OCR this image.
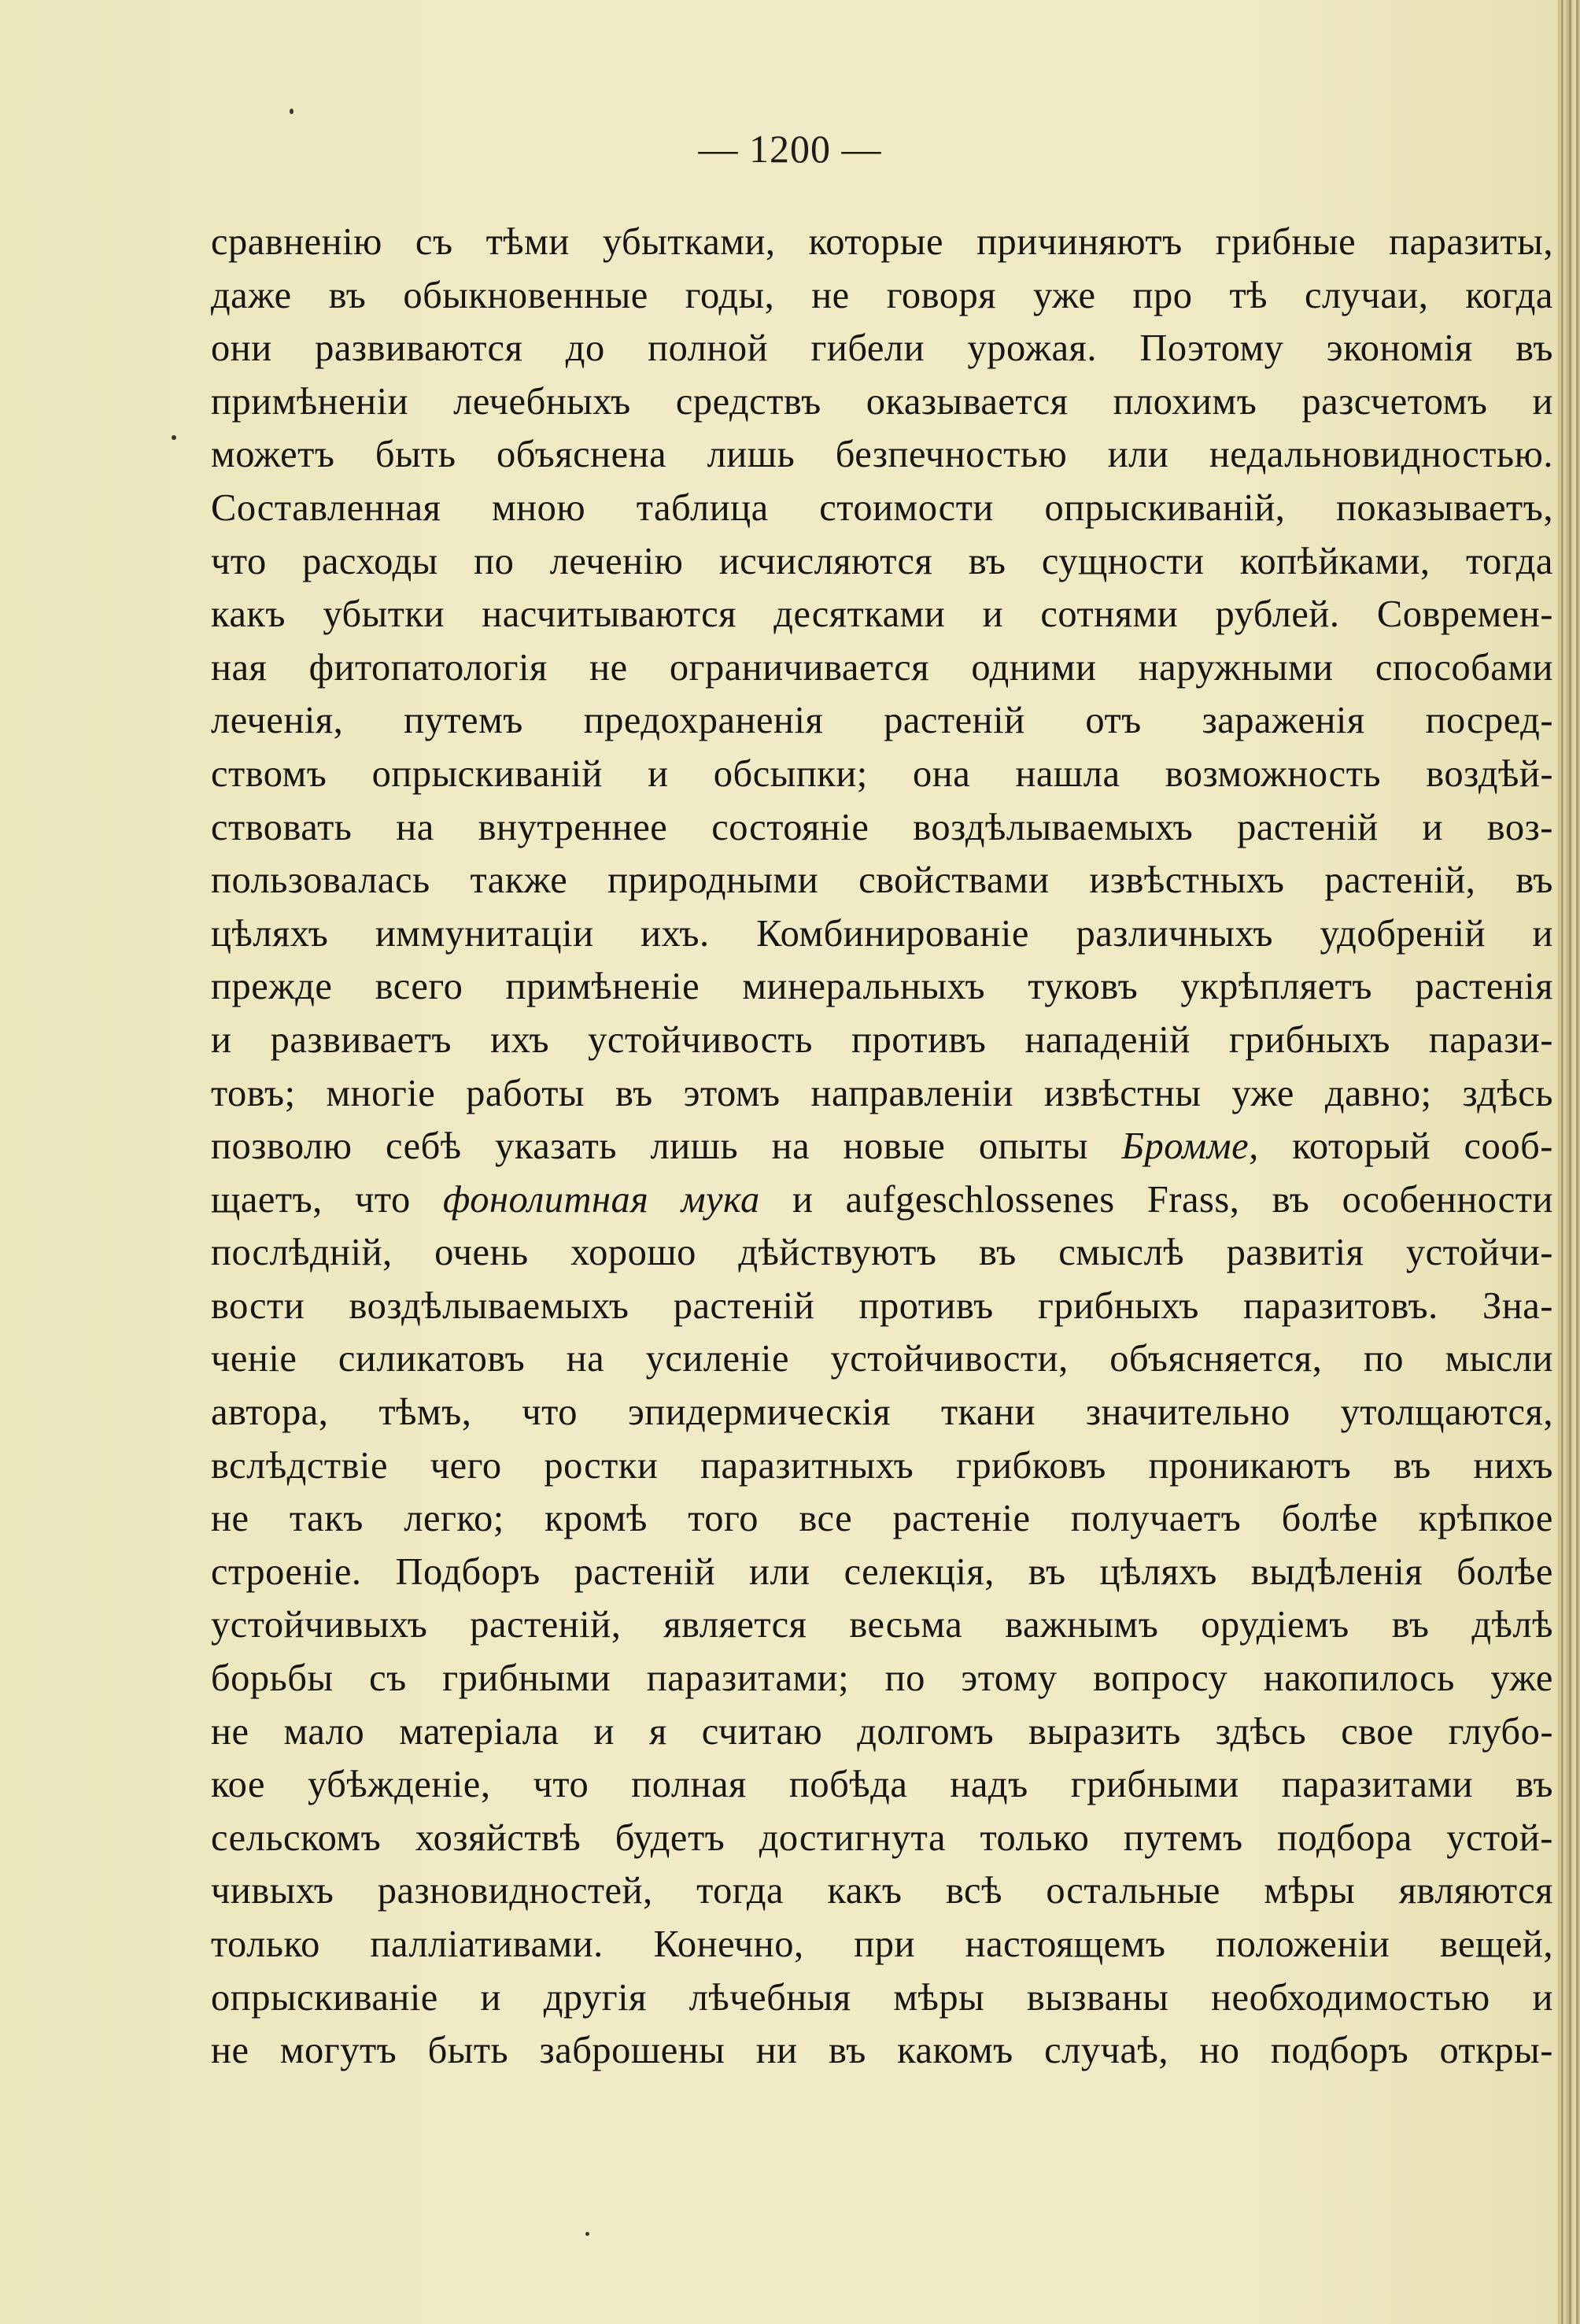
— 1200 —
сравненію съ тѣми убытками, которые причиняютъ грибные паразиты,
даже въ обыкновенные годы, не говоря уже про тѣ случаи, когда
они развиваются до полной гибели урожая. Поэтому экономія въ
примѣненіи лечебныхъ средствъ оказывается плохимъ разсчетомъ и
можетъ быть объяснена лишь безпечностью или недальновидностью.
Составленная мною таблица стоимости опрыскиваній, показываетъ,
что расходы по леченію исчисляются въ сущности копѣйками, тогда
какъ убытки насчитываются десятками и сотнями рублей. Современ-
ная фитопатологія не ограничивается одними наружными способами
леченія, путемъ предохраненія растеній отъ зараженія посред-
ствомъ опрыскиваній и обсыпки; она нашла возможность воздѣй-
ствовать на внутреннее состояніе воздѣлываемыхъ растеній и воз-
пользовалась также природными свойствами извѣстныхъ растеній, въ
цѣляхъ иммунитаціи ихъ. Комбинированіе различныхъ удобреній и
прежде всего примѣненіе минеральныхъ туковъ укрѣпляетъ растенія
и развиваетъ ихъ устойчивость противъ нападеній грибныхъ парази-
товъ; многіе работы въ этомъ направленіи извѣстны уже давно; здѣсь
позволю себѣ указать лишь на новые опыты Бромме, который сооб-
щаетъ, что фонолитная мука и aufgeschlossenes Frass, въ особенности
послѣдній, очень хорошо дѣйствуютъ въ смыслѣ развитія устойчи-
вости воздѣлываемыхъ растеній противъ грибныхъ паразитовъ. Зна-
ченіе силикатовъ на усиленіе устойчивости, объясняется, по мысли
автора, тѣмъ, что эпидермическія ткани значительно утолщаются,
вслѣдствіе чего ростки паразитныхъ грибковъ проникаютъ въ нихъ
не такъ легко; кромѣ того все растеніе получаетъ болѣе крѣпкое
строеніе. Подборъ растеній или селекція, въ цѣляхъ выдѣленія болѣе
устойчивыхъ растеній, является весьма важнымъ орудіемъ въ дѣлѣ
борьбы съ грибными паразитами; по этому вопросу накопилось уже
не мало матеріала и я считаю долгомъ выразить здѣсь свое глубо-
кое убѣжденіе, что полная побѣда надъ грибными паразитами въ
сельскомъ хозяйствѣ будетъ достигнута только путемъ подбора устой-
чивыхъ разновидностей, тогда какъ всѣ остальные мѣры являются
только палліативами. Конечно, при настоящемъ положеніи вещей,
опрыскиваніе и другія лѣчебныя мѣры вызваны необходимостью и
не могутъ быть заброшены ни въ какомъ случаѣ, но подборъ откры-
